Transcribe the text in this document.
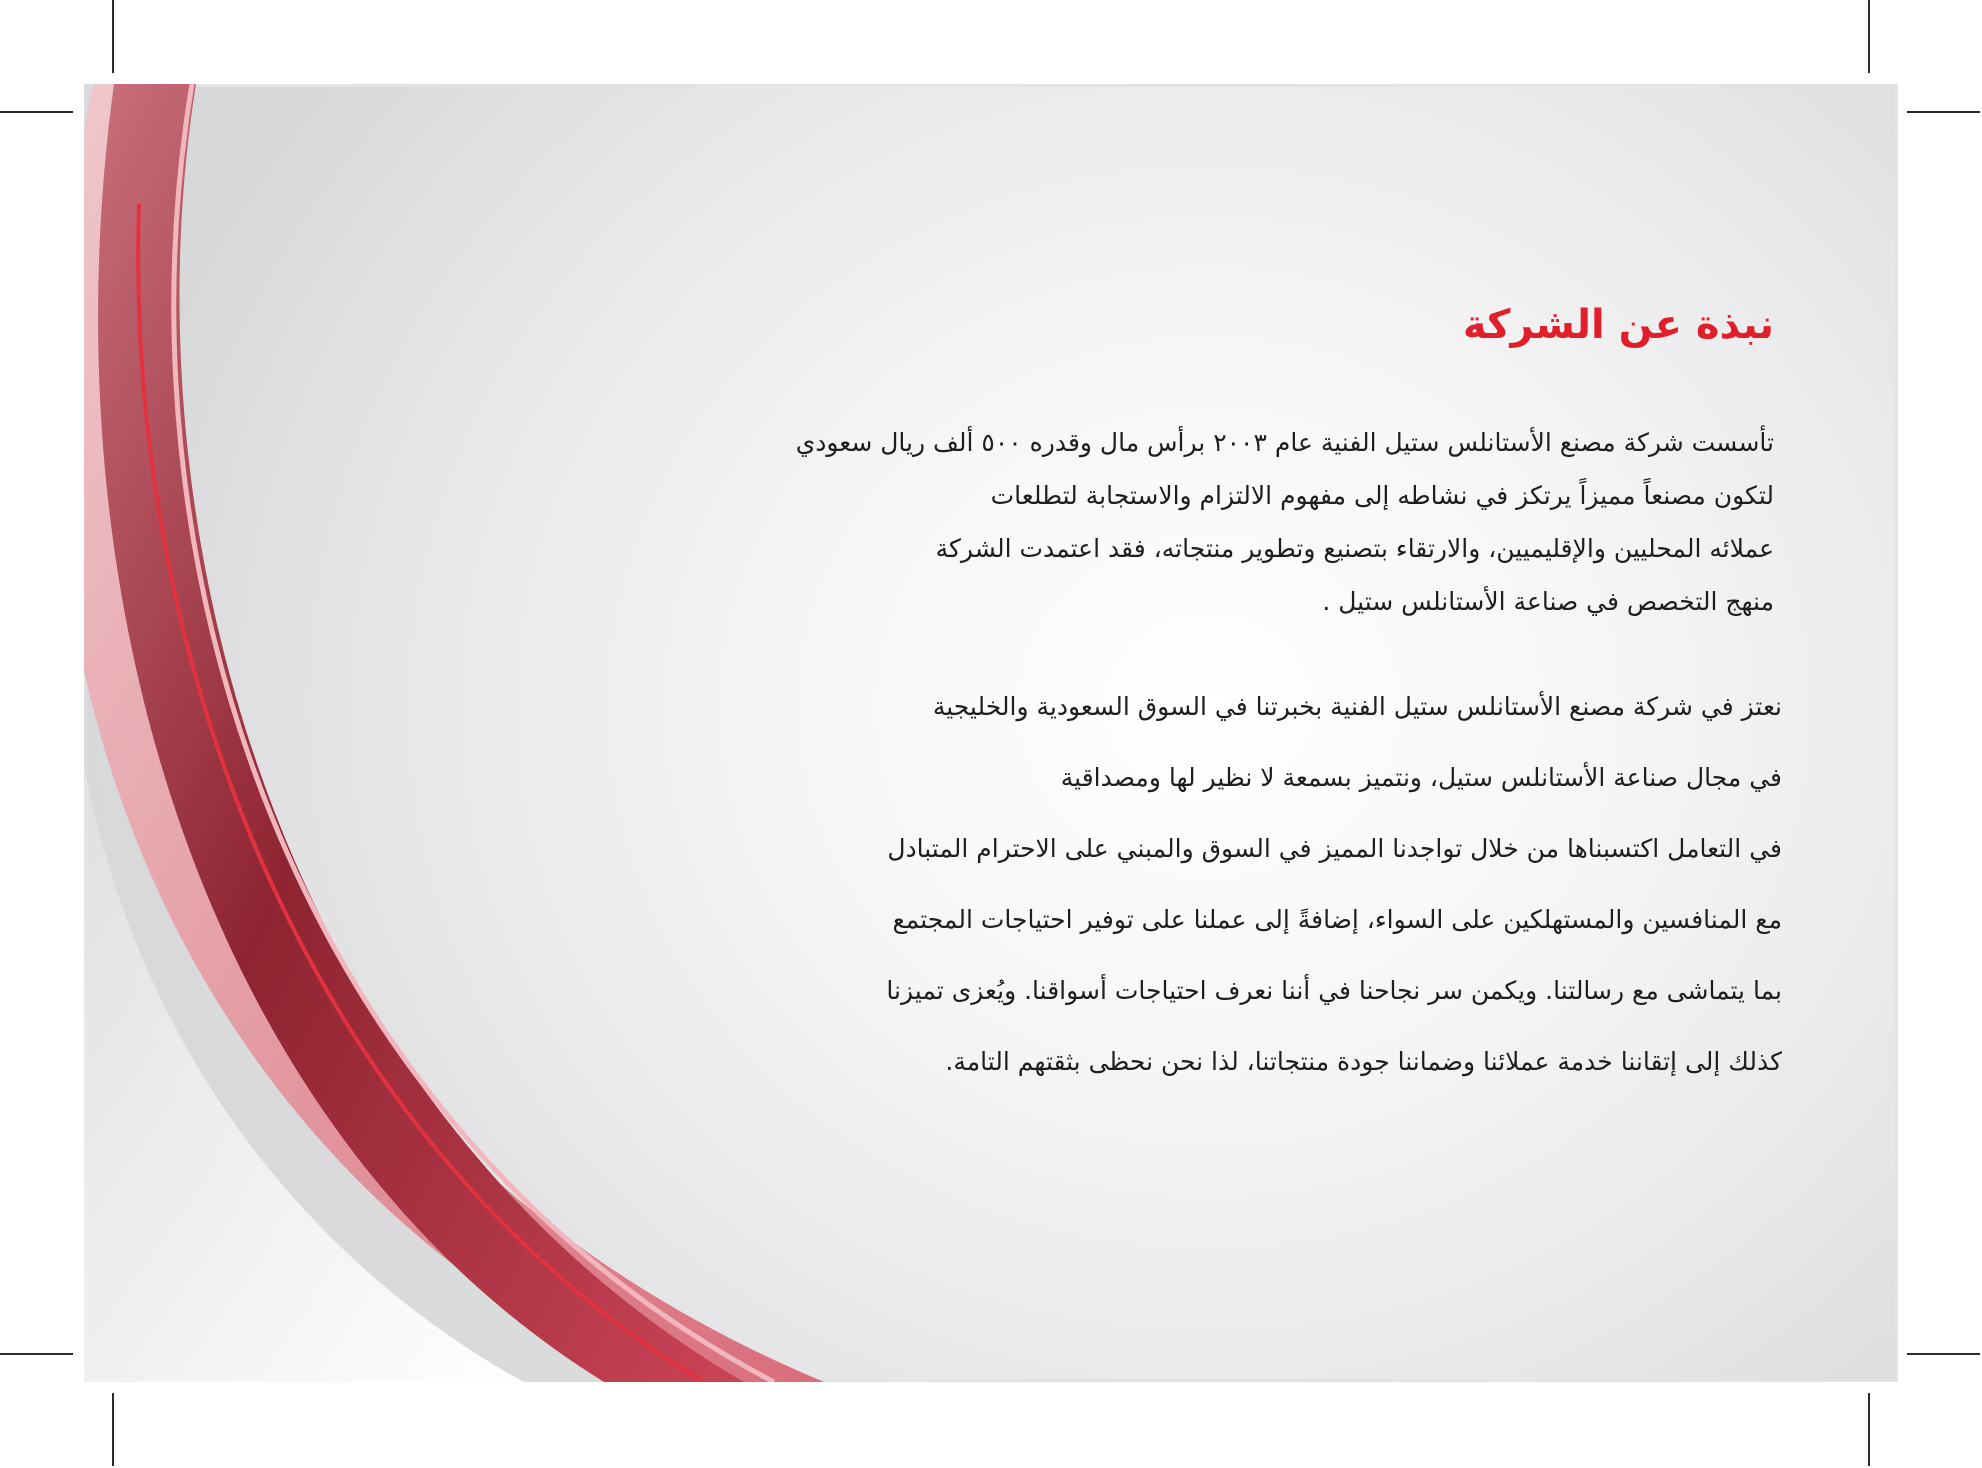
نبذة عن الشركة
تأسست شركة مصنع الأستانلس ستيل الفنية عام ٢٠٠٣ برأس مال وقدره ٥٠٠ ألف ريال سعودي
لتكون مصنعاً مميزاً يرتكز في نشاطه إلى مفهوم الالتزام والاستجابة لتطلعات
عملائه المحليين والإقليميين، والارتقاء بتصنيع وتطوير منتجاته، فقد اعتمدت الشركة
منهج التخصص في صناعة الأستانلس ستيل .
نعتز في شركة مصنع الأستانلس ستيل الفنية بخبرتنا في السوق السعودية والخليجية
في مجال صناعة الأستانلس ستيل، ونتميز بسمعة لا نظير لها ومصداقية
في التعامل اكتسبناها من خلال تواجدنا المميز في السوق والمبني على الاحترام المتبادل
مع المنافسين والمستهلكين على السواء، إضافةً إلى عملنا على توفير احتياجات المجتمع
بما يتماشى مع رسالتنا. ويكمن سر نجاحنا في أننا نعرف احتياجات أسواقنا. ويُعزى تميزنا
كذلك إلى إتقاننا خدمة عملائنا وضماننا جودة منتجاتنا، لذا نحن نحظى بثقتهم التامة.
